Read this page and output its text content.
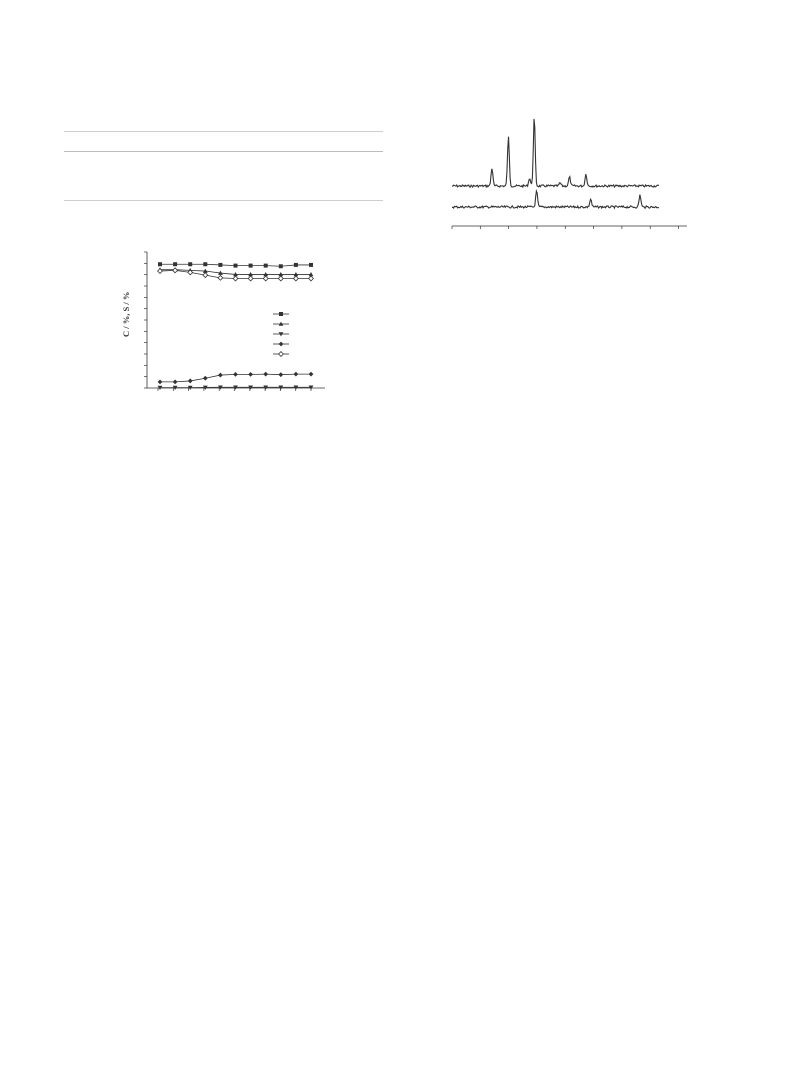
C / %, S / %
